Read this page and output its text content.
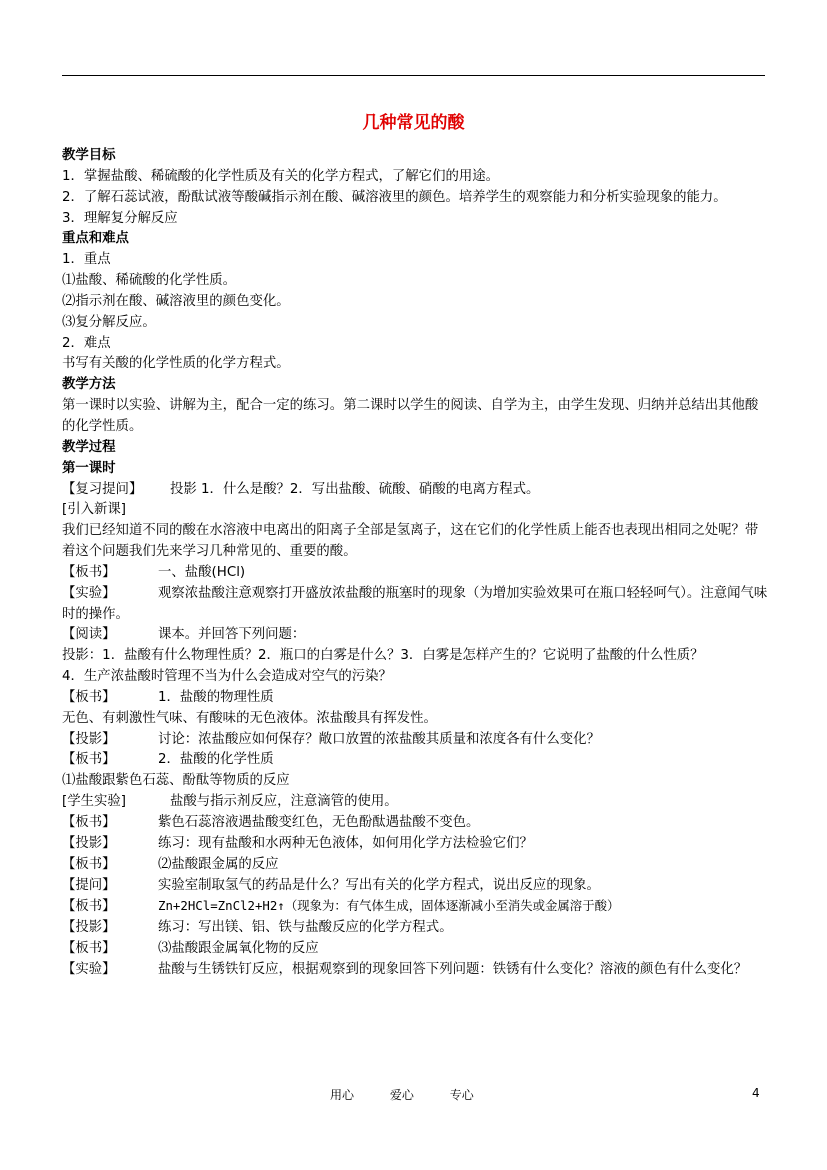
几种常见的酸
教学目标
1．掌握盐酸、稀硫酸的化学性质及有关的化学方程式，了解它们的用途。
2．了解石蕊试液，酚酞试液等酸碱指示剂在酸、碱溶液里的颜色。培养学生的观察能力和分析实验现象的能力。
3．理解复分解反应
重点和难点
1．重点
⑴盐酸、稀硫酸的化学性质。
⑵指示剂在酸、碱溶液里的颜色变化。
⑶复分解反应。
2．难点
书写有关酸的化学性质的化学方程式。
教学方法
第一课时以实验、讲解为主，配合一定的练习。第二课时以学生的阅读、自学为主，由学生发现、归纳并总结出其他酸的化学性质。
教学过程
第一课时
【复习提问】 投影 1．什么是酸？2．写出盐酸、硫酸、硝酸的电离方程式。
[引入新课]
我们已经知道不同的酸在水溶液中电离出的阳离子全部是氢离子，这在它们的化学性质上能否也表现出相同之处呢？带着这个问题我们先来学习几种常见的、重要的酸。
【板书】	一、盐酸(HCl)
【实验】	观察浓盐酸注意观察打开盛放浓盐酸的瓶塞时的现象（为增加实验效果可在瓶口轻轻呵气）。注意闻气味时的操作。
【阅读】	课本。并回答下列问题：
投影：1．盐酸有什么物理性质？2．瓶口的白雾是什么？3．白雾是怎样产生的？它说明了盐酸的什么性质？
4．生产浓盐酸时管理不当为什么会造成对空气的污染？
【板书】	1．盐酸的物理性质
无色、有刺激性气味、有酸味的无色液体。浓盐酸具有挥发性。
【投影】	讨论：浓盐酸应如何保存？敞口放置的浓盐酸其质量和浓度各有什么变化？
【板书】	2．盐酸的化学性质
⑴盐酸跟紫色石蕊、酚酞等物质的反应
[学生实验]	盐酸与指示剂反应，注意滴管的使用。
【板书】	紫色石蕊溶液遇盐酸变红色，无色酚酞遇盐酸不变色。
【投影】	练习：现有盐酸和水两种无色液体，如何用化学方法检验它们？
【板书】	⑵盐酸跟金属的反应
【提问】	实验室制取氢气的药品是什么？写出有关的化学方程式，说出反应的现象。
【板书】	Zn+2HCl=ZnCl2+H2↑（现象为：有气体生成，固体逐渐减小至消失或金属溶于酸）
【投影】	练习：写出镁、铝、铁与盐酸反应的化学方程式。
【板书】	⑶盐酸跟金属氧化物的反应
【实验】	盐酸与生锈铁钉反应，根据观察到的现象回答下列问题：铁锈有什么变化？溶液的颜色有什么变化？
用心	爱心	专心	4
